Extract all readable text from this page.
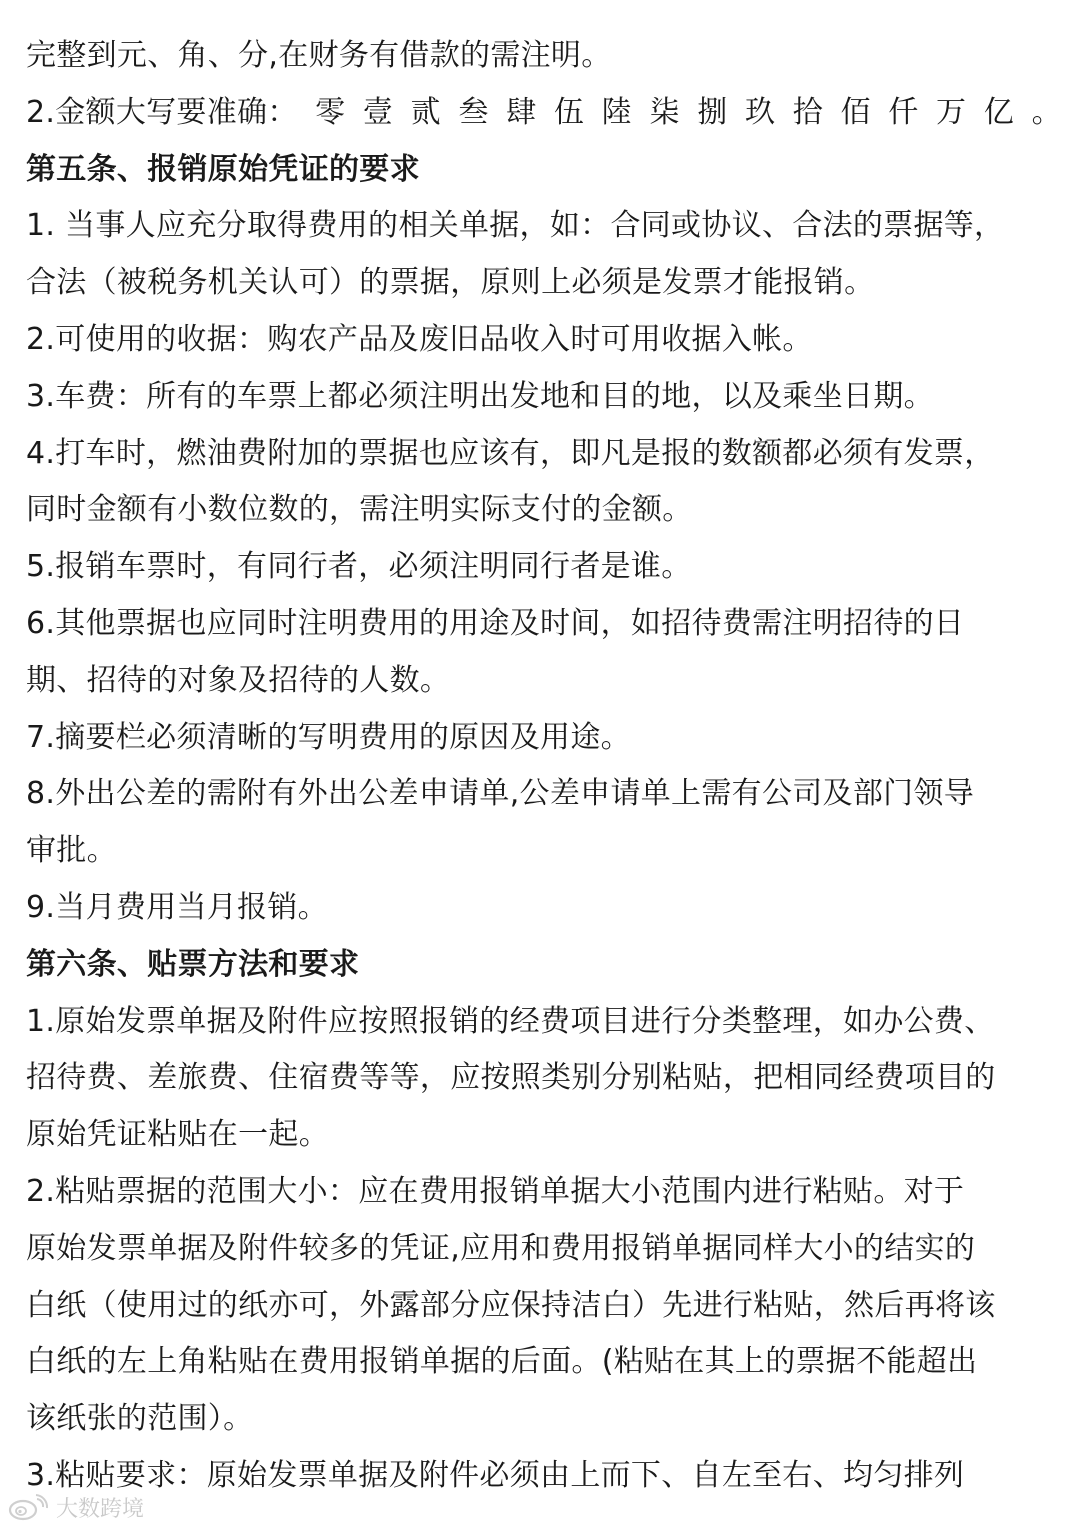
完整到元、角、分,在财务有借款的需注明。
2.金额大写要准确： 零 壹 贰 叁 肆 伍 陸 柒 捌 玖 拾 佰 仟 万 亿 。
第五条、报销原始凭证的要求
1. 当事人应充分取得费用的相关单据，如：合同或协议、合法的票据等，
合法（被税务机关认可）的票据，原则上必须是发票才能报销。
2.可使用的收据：购农产品及废旧品收入时可用收据入帐。
3.车费：所有的车票上都必须注明出发地和目的地，以及乘坐日期。
4.打车时，燃油费附加的票据也应该有，即凡是报的数额都必须有发票，
同时金额有小数位数的，需注明实际支付的金额。
5.报销车票时，有同行者，必须注明同行者是谁。
6.其他票据也应同时注明费用的用途及时间，如招待费需注明招待的日
期、招待的对象及招待的人数。
7.摘要栏必须清晰的写明费用的原因及用途。
8.外出公差的需附有外出公差申请单,公差申请单上需有公司及部门领导
审批。
9.当月费用当月报销。
第六条、贴票方法和要求
1.原始发票单据及附件应按照报销的经费项目进行分类整理，如办公费、
招待费、差旅费、住宿费等等，应按照类别分别粘贴，把相同经费项目的
原始凭证粘贴在一起。
2.粘贴票据的范围大小：应在费用报销单据大小范围内进行粘贴。对于
原始发票单据及附件较多的凭证,应用和费用报销单据同样大小的结实的
白纸（使用过的纸亦可，外露部分应保持洁白）先进行粘贴，然后再将该
白纸的左上角粘贴在费用报销单据的后面。(粘贴在其上的票据不能超出
该纸张的范围）。
3.粘贴要求：原始发票单据及附件必须由上而下、自左至右、均匀排列
大数跨境
